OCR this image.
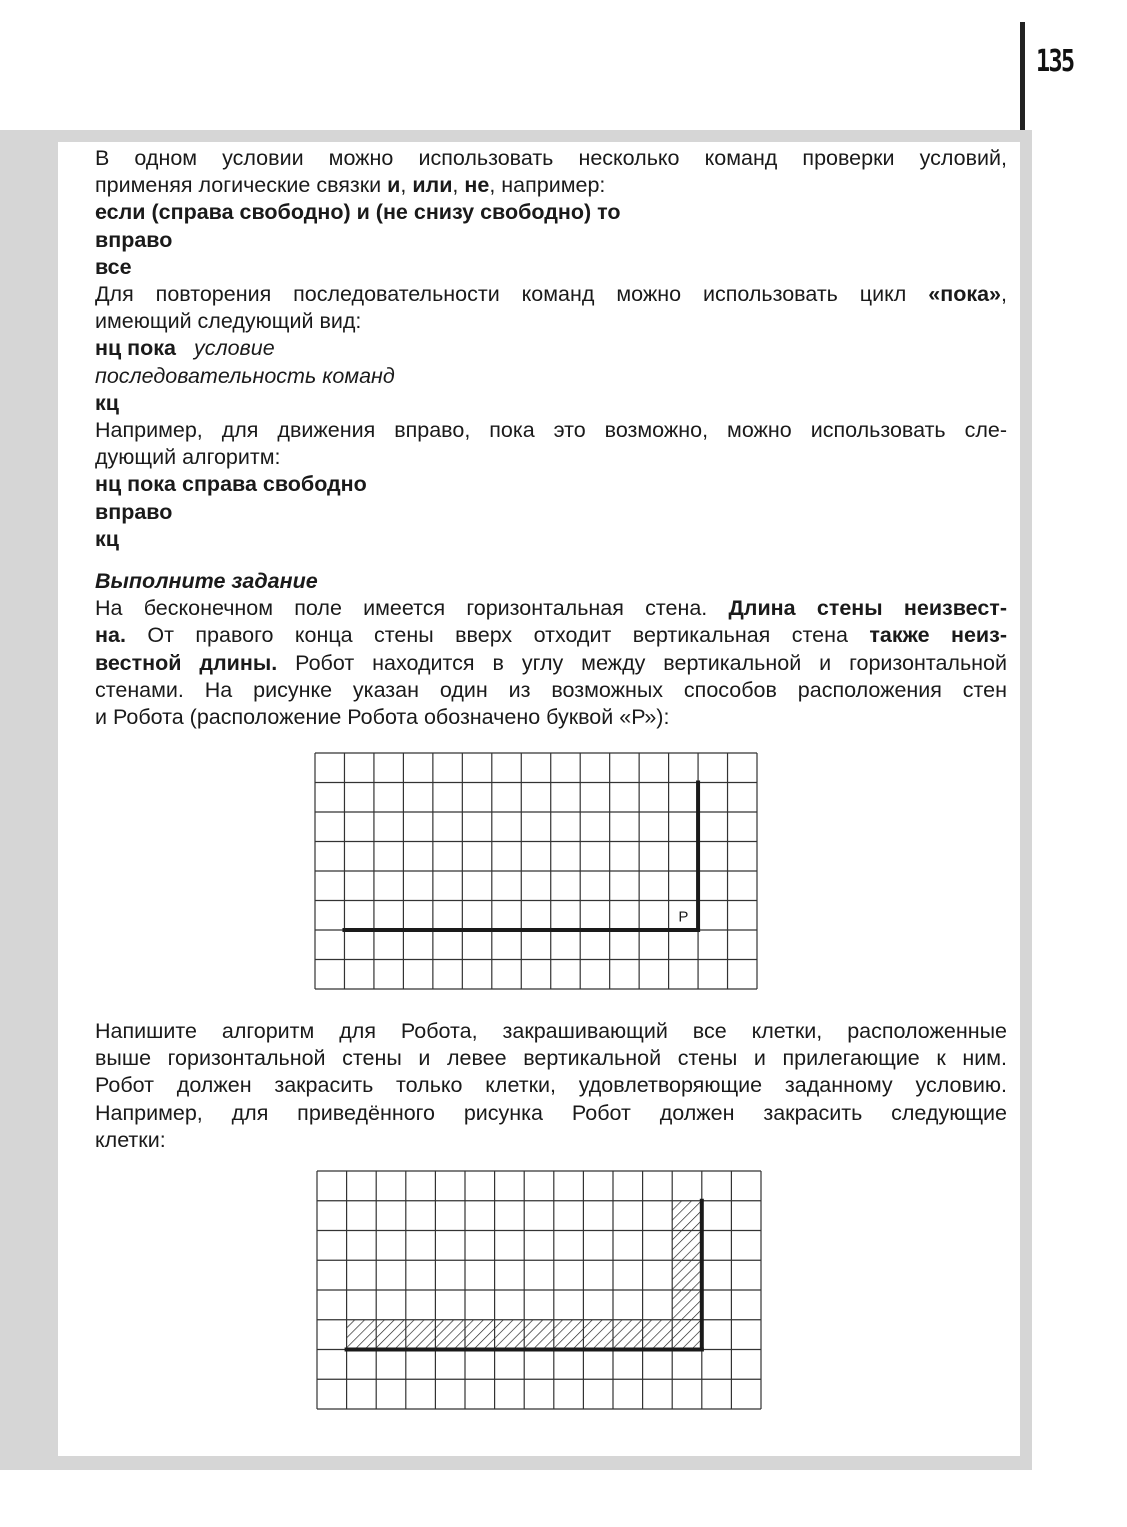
135

В одном условии можно использовать несколько команд проверки условий,

применяя логические связки и, или, не, например:

если (справа свободно) и (не снизу свободно) то

вправо

все

Для повторения последовательности команд можно использовать цикл «пока»,

имеющий следующий вид:

нц пока условие

последовательность команд

кц

Например, для движения вправо, пока это возможно, можно использовать сле-

дующий алгоритм:

нц пока справа свободно

вправо

кц

Выполните задание

На бесконечном поле имеется горизонтальная стена. Длина стены неизвест-

на. От правого конца стены вверх отходит вертикальная стена также неиз-

вестной длины. Робот находится в углу между вертикальной и горизонтальной

стенами. На рисунке указан один из возможных способов расположения стен

и Робота (расположение Робота обозначено буквой «Р»):

Р

Напишите алгоритм для Робота, закрашивающий все клетки, расположенные

выше горизонтальной стены и левее вертикальной стены и прилегающие к ним.

Робот должен закрасить только клетки, удовлетворяющие заданному условию.

Например, для приведённого рисунка Робот должен закрасить следующие

клетки:
